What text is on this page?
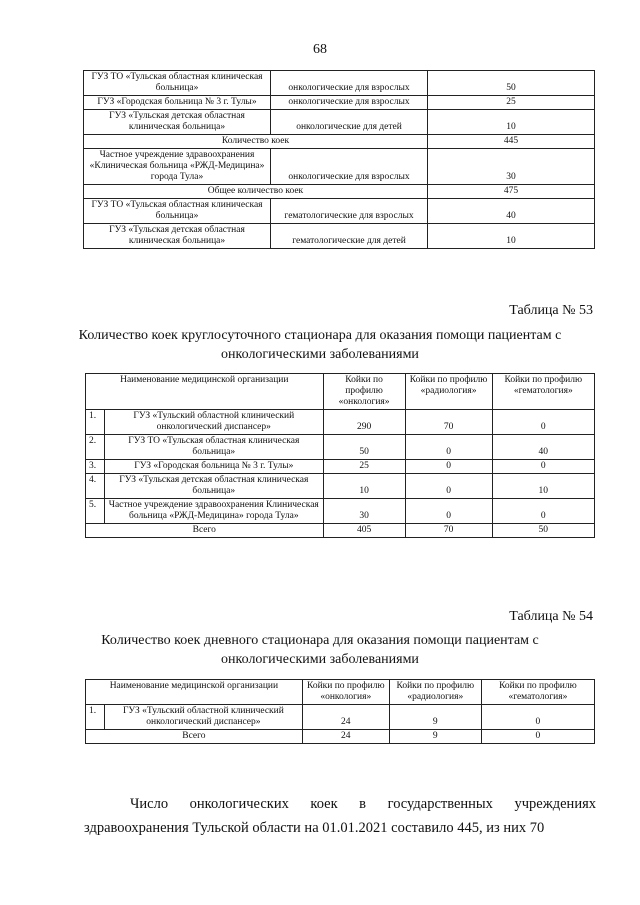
68
ГУЗ ТО «Тульская областная клиническая больница»	онкологические для взрослых	50
ГУЗ «Городская больница № 3 г. Тулы»	онкологические для взрослых	25
ГУЗ «Тульская детская областная клиническая больница»	онкологические для детей	10
Количество коек		445
Частное учреждение здравоохранения «Клиническая больница «РЖД-Медицина» города Тула»	онкологические для взрослых	30
Общее количество коек		475
ГУЗ ТО «Тульская областная клиническая больница»	гематологические для взрослых	40
ГУЗ «Тульская детская областная клиническая больница»	гематологические для детей	10
Таблица № 53
Количество коек круглосуточного стационара для оказания помощи пациентам с онкологическими заболеваниями
Наименование медицинской организации		Койки по профилю «онкология»	Койки по профилю «радиология»	Койки по профилю «гематология»
1.	ГУЗ «Тульский областной клинический онкологический диспансер»	290	70	0
2.	ГУЗ ТО «Тульская областная клиническая больница»	50	0	40
3.	ГУЗ «Городская больница № 3 г. Тулы»	25	0	0
4.	ГУЗ «Тульская детская областная клиническая больница»	10	0	10
5.	Частное учреждение здравоохранения Клиническая больница «РЖД-Медицина» города Тула»	30	0	0
Всего		405	70	50
Таблица № 54
Количество коек дневного стационара для оказания помощи пациентам с онкологическими заболеваниями
Наименование медицинской организации		Койки по профилю «онкология»	Койки по профилю «радиология»	Койки по профилю «гематология»
1.	ГУЗ «Тульский областной клинический онкологический диспансер»	24	9	0
Всего		24	9	0
Число онкологических коек в государственных учреждениях
здравоохранения Тульской области на 01.01.2021 составило 445, из них 70
